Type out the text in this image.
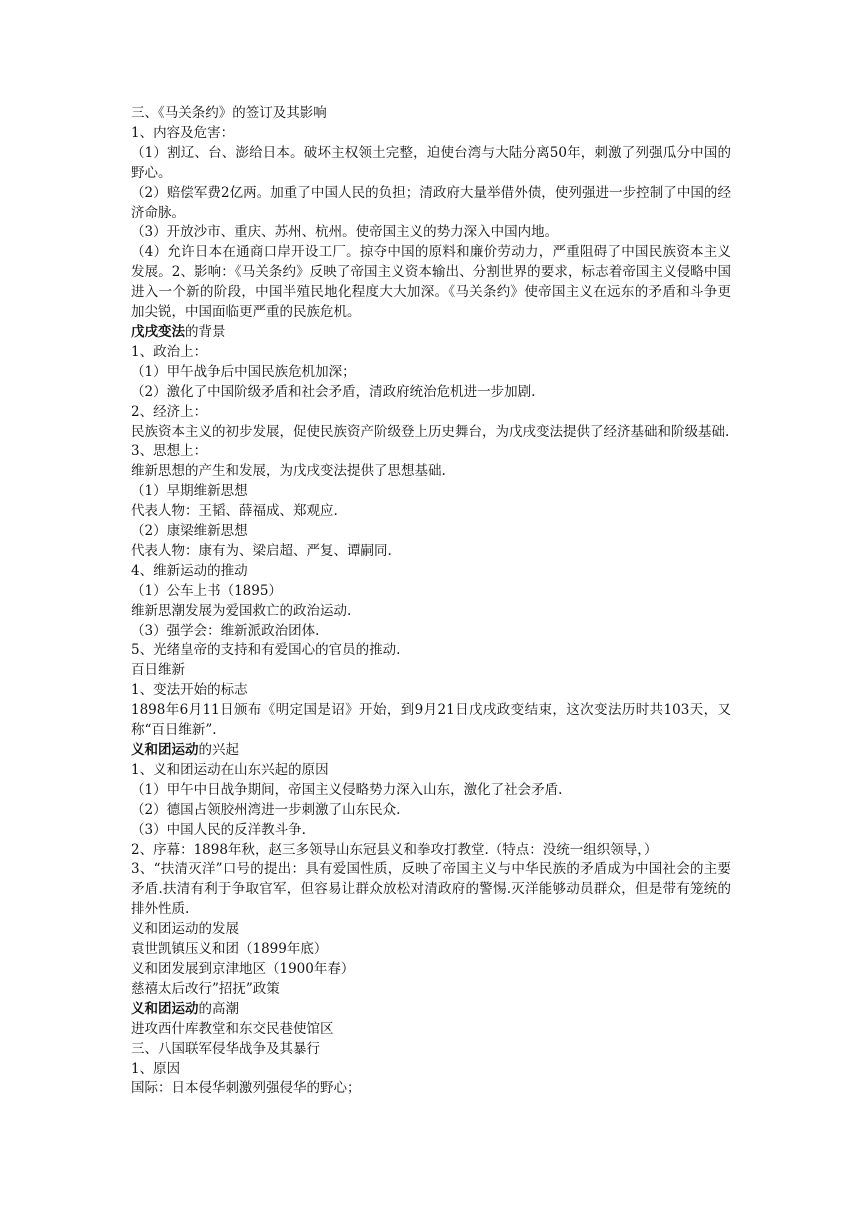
三、《马关条约》的签订及其影响

1、内容及危害：

（1）割辽、台、澎给日本。破坏主权领土完整，迫使台湾与大陆分离50年，刺激了列强瓜分中国的野心。

（2）赔偿军费2亿两。加重了中国人民的负担；清政府大量举借外债，使列强进一步控制了中国的经济命脉。

（3）开放沙市、重庆、苏州、杭州。使帝国主义的势力深入中国内地。

（4）允许日本在通商口岸开设工厂。掠夺中国的原料和廉价劳动力，严重阻碍了中国民族资本主义发展。2、影响：《马关条约》反映了帝国主义资本输出、分割世界的要求，标志着帝国主义侵略中国进入一个新的阶段，中国半殖民地化程度大大加深。《马关条约》使帝国主义在远东的矛盾和斗争更加尖锐，中国面临更严重的民族危机。

戊戌变法的背景

1、政治上：

（1）甲午战争后中国民族危机加深；

（2）激化了中国阶级矛盾和社会矛盾，清政府统治危机进一步加剧.

2、经济上：

民族资本主义的初步发展，促使民族资产阶级登上历史舞台，为戊戌变法提供了经济基础和阶级基础.

3、思想上：

维新思想的产生和发展，为戊戌变法提供了思想基础.

（1）早期维新思想

代表人物：王韬、薛福成、郑观应.

（2）康梁维新思想

代表人物：康有为、梁启超、严复、谭嗣同.

4、维新运动的推动

（1）公车上书（1895）

维新思潮发展为爱国救亡的政治运动.

（3）强学会：维新派政治团体.

5、光绪皇帝的支持和有爱国心的官员的推动.

百日维新

1、变法开始的标志

1898年6月11日颁布《明定国是诏》开始，到9月21日戊戌政变结束，这次变法历时共103天，又称“百日维新”.

义和团运动的兴起

1、义和团运动在山东兴起的原因

（1）甲午中日战争期间，帝国主义侵略势力深入山东，激化了社会矛盾.

（2）德国占领胶州湾进一步刺激了山东民众.

（3）中国人民的反洋教斗争.

2、序幕：1898年秋，赵三多领导山东冠县义和拳攻打教堂.（特点：没统一组织领导，）

3、“扶清灭洋”口号的提出：具有爱国性质，反映了帝国主义与中华民族的矛盾成为中国社会的主要矛盾.扶清有利于争取官军，但容易让群众放松对清政府的警惕.灭洋能够动员群众，但是带有笼统的排外性质.

义和团运动的发展

袁世凯镇压义和团（1899年底）

义和团发展到京津地区（1900年春）

慈禧太后改行”招抚”政策

义和团运动的高潮

进攻西什库教堂和东交民巷使馆区

三、八国联军侵华战争及其暴行

1、原因

国际：日本侵华刺激列强侵华的野心；
